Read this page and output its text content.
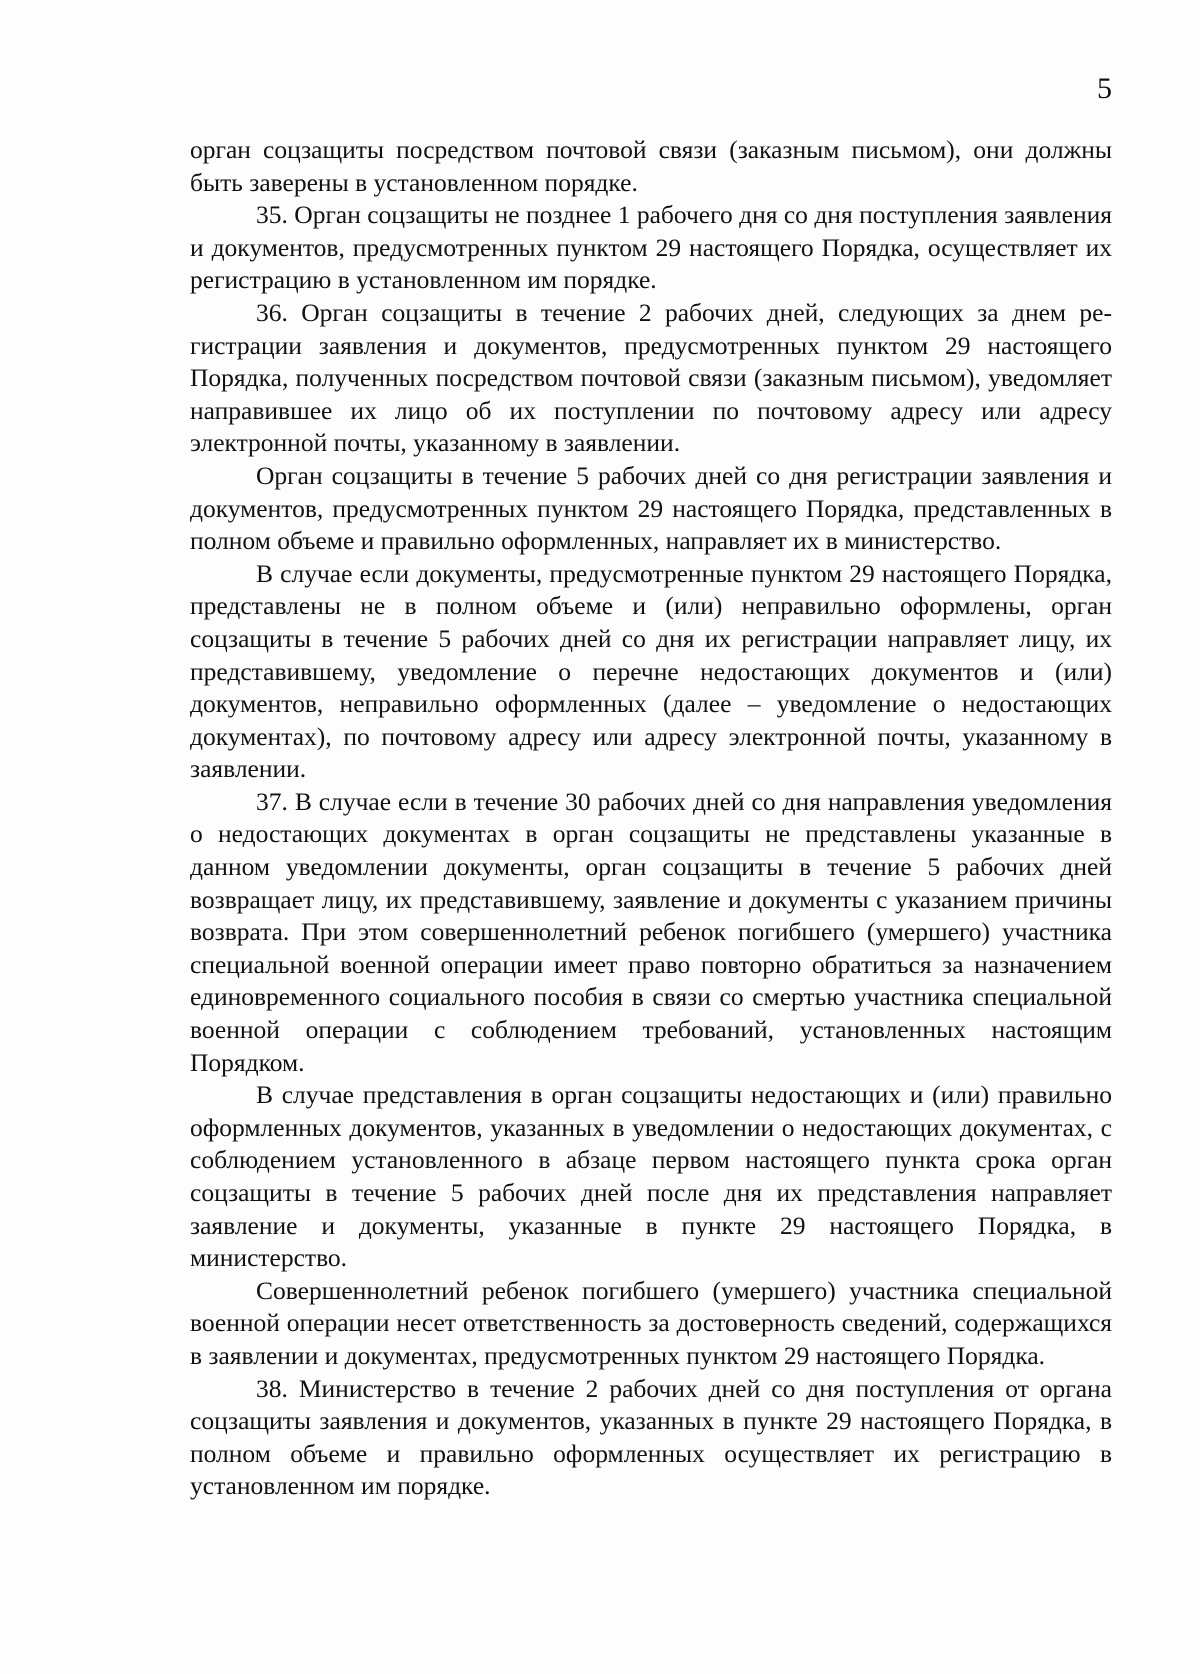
5

орган соцзащиты посредством почтовой связи (заказным письмом), они должны быть заверены в установленном порядке.

35. Орган соцзащиты не позднее 1 рабочего дня со дня поступления заявления и документов, предусмотренных пунктом 29 настоящего Порядка, осуществляет их регистрацию в установленном им порядке.

36. Орган соцзащиты в течение 2 рабочих дней, следующих за днем регистрации заявления и документов, предусмотренных пунктом 29 настоящего Порядка, полученных посредством почтовой связи (заказным письмом), уведомляет направившее их лицо об их поступлении по почтовому адресу или адресу электронной почты, указанному в заявлении.

Орган соцзащиты в течение 5 рабочих дней со дня регистрации заявления и документов, предусмотренных пунктом 29 настоящего Порядка, представленных в полном объеме и правильно оформленных, направляет их в министерство.

В случае если документы, предусмотренные пунктом 29 настоящего Порядка, представлены не в полном объеме и (или) неправильно оформлены, орган соцзащиты в течение 5 рабочих дней со дня их регистрации направляет лицу, их представившему, уведомление о перечне недостающих документов и (или) документов, неправильно оформленных (далее – уведомление о недостающих документах), по почтовому адресу или адресу электронной почты, указанному в заявлении.

37. В случае если в течение 30 рабочих дней со дня направления уведомления о недостающих документах в орган соцзащиты не представлены указанные в данном уведомлении документы, орган соцзащиты в течение 5 рабочих дней возвращает лицу, их представившему, заявление и документы с указанием причины возврата. При этом совершеннолетний ребенок погибшего (умершего) участника специальной военной операции имеет право повторно обратиться за назначением единовременного социального пособия в связи со смертью участника специальной военной операции с соблюдением требований, установленных настоящим Порядком.

В случае представления в орган соцзащиты недостающих и (или) правильно оформленных документов, указанных в уведомлении о недостающих документах, с соблюдением установленного в абзаце первом настоящего пункта срока орган соцзащиты в течение 5 рабочих дней после дня их представления направляет заявление и документы, указанные в пункте 29 настоящего Порядка, в министерство.

Совершеннолетний ребенок погибшего (умершего) участника специальной военной операции несет ответственность за достоверность сведений, содержащихся в заявлении и документах, предусмотренных пунктом 29 настоящего Порядка.

38. Министерство в течение 2 рабочих дней со дня поступления от органа соцзащиты заявления и документов, указанных в пункте 29 настоящего Порядка, в полном объеме и правильно оформленных осуществляет их регистрацию в установленном им порядке.
